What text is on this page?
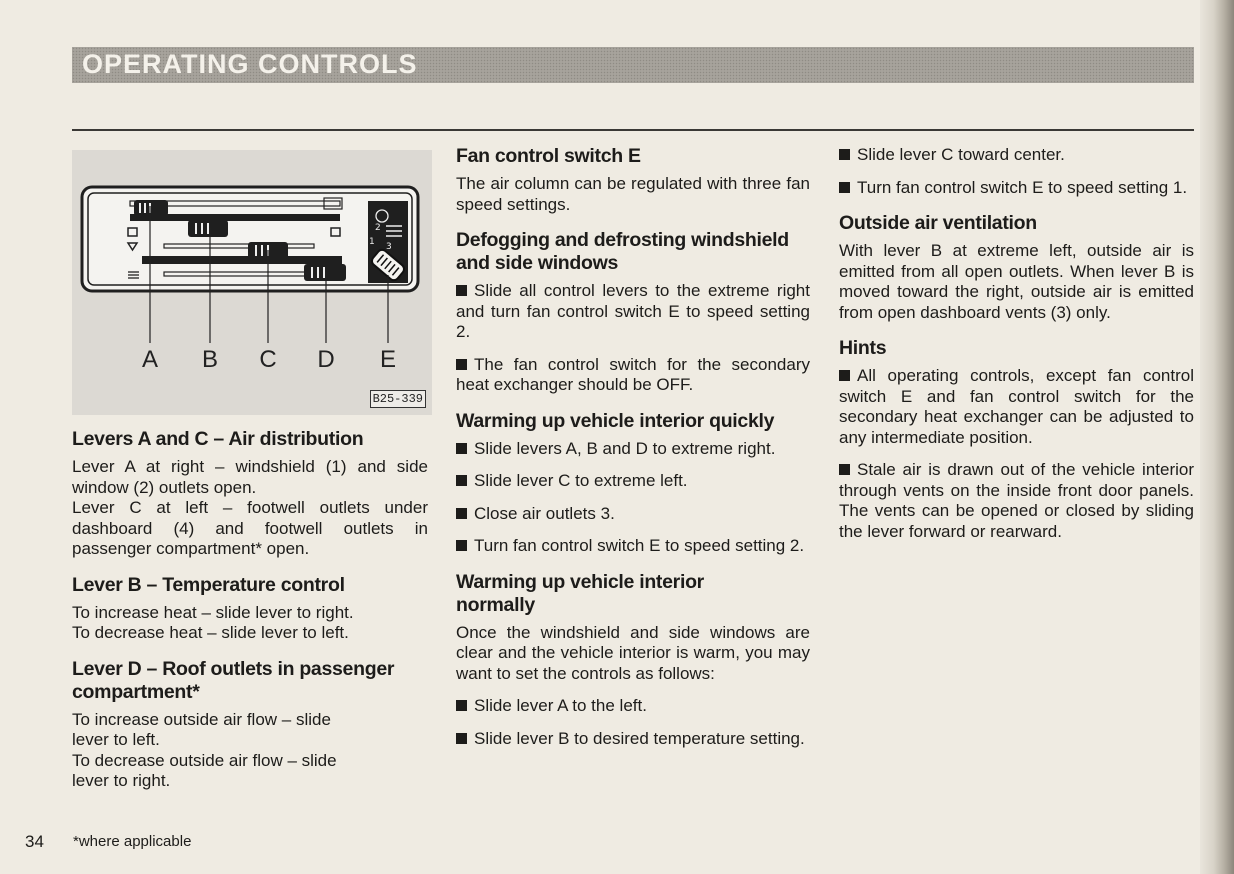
OPERATING CONTROLS
2
1 3
A B C D E
B25-339
Levers A and C – Air distribution

Lever A at right – windshield (1) and side window (2) outlets open.

Lever C at left – footwell outlets under dashboard (4) and footwell outlets in passenger compartment* open.

Lever B – Temperature control

To increase heat – slide lever to right.

To decrease heat – slide lever to left.

Lever D – Roof outlets in passenger compartment*

To increase outside air flow – slide lever to left.

To decrease outside air flow – slide lever to right.

Fan control switch E

The air column can be regulated with three fan speed settings.

Defogging and defrosting windshield and side windows

Slide all control levers to the extreme right and turn fan control switch E to speed setting 2.

The fan control switch for the secondary heat exchanger should be OFF.

Warming up vehicle interior quickly

Slide levers A, B and D to extreme right.

Slide lever C to extreme left.

Close air outlets 3.

Turn fan control switch E to speed setting 2.

Warming up vehicle interior normally

Once the windshield and side windows are clear and the vehicle interior is warm, you may want to set the controls as follows:

Slide lever A to the left.

Slide lever B to desired temperature setting.

Slide lever C toward center.

Turn fan control switch E to speed setting 1.

Outside air ventilation

With lever B at extreme left, outside air is emitted from all open outlets. When lever B is moved toward the right, outside air is emitted from open dashboard vents (3) only.

Hints

All operating controls, except fan control switch E and fan control switch for the secondary heat exchanger can be adjusted to any intermediate position.

Stale air is drawn out of the vehicle interior through vents on the inside front door panels. The vents can be opened or closed by sliding the lever forward or rearward.

34 *where applicable
